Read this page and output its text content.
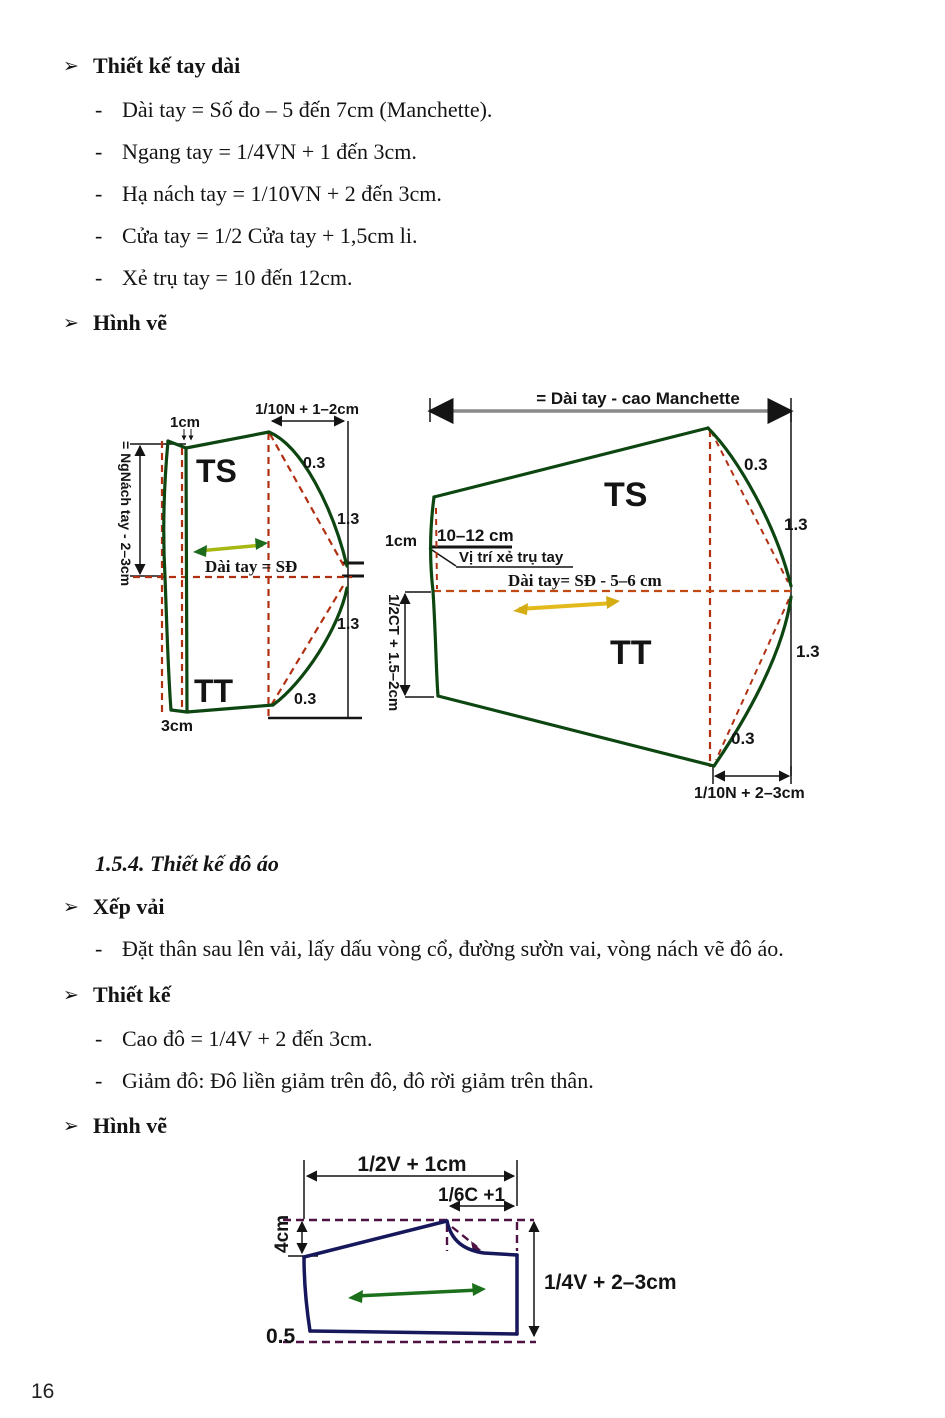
➢ Thiết kế tay dài
- Dài tay = Số đo – 5 đến 7cm (Manchette).
- Ngang tay = 1/4VN + 1 đến 3cm.
- Hạ nách tay = 1/10VN + 2 đến 3cm.
- Cửa tay = 1/2 Cửa tay + 1,5cm li.
- Xẻ trụ tay = 10 đến 12cm.
➢ Hình vẽ
1/10N + 1–2cm
1cm
= NgNách tay - 2–3cm TS	0.3
1.3
Dài tay = SĐ
1.3
TT	0.3
3cm
= Dài tay - cao Manchette
TS
0.3
1.3
1cm 10–12 cm
Vị trí xẻ trụ tay
Dài tay= SĐ - 5–6 cm
1/2CT + 1.5–2cm	TT	1.3
0.3
1/10N + 2–3cm
1.5.4. Thiết kế đô áo
➢ Xếp vải
- Đặt thân sau lên vải, lấy dấu vòng cổ, đường sườn vai, vòng nách vẽ đô áo.
➢ Thiết kế
- Cao đô = 1/4V + 2 đến 3cm.
- Giảm đô: Đô liền giảm trên đô, đô rời giảm trên thân.
➢ Hình vẽ
1/2V + 1cm
1/6C +1
4cm
1/4V + 2–3cm
0.5
16
